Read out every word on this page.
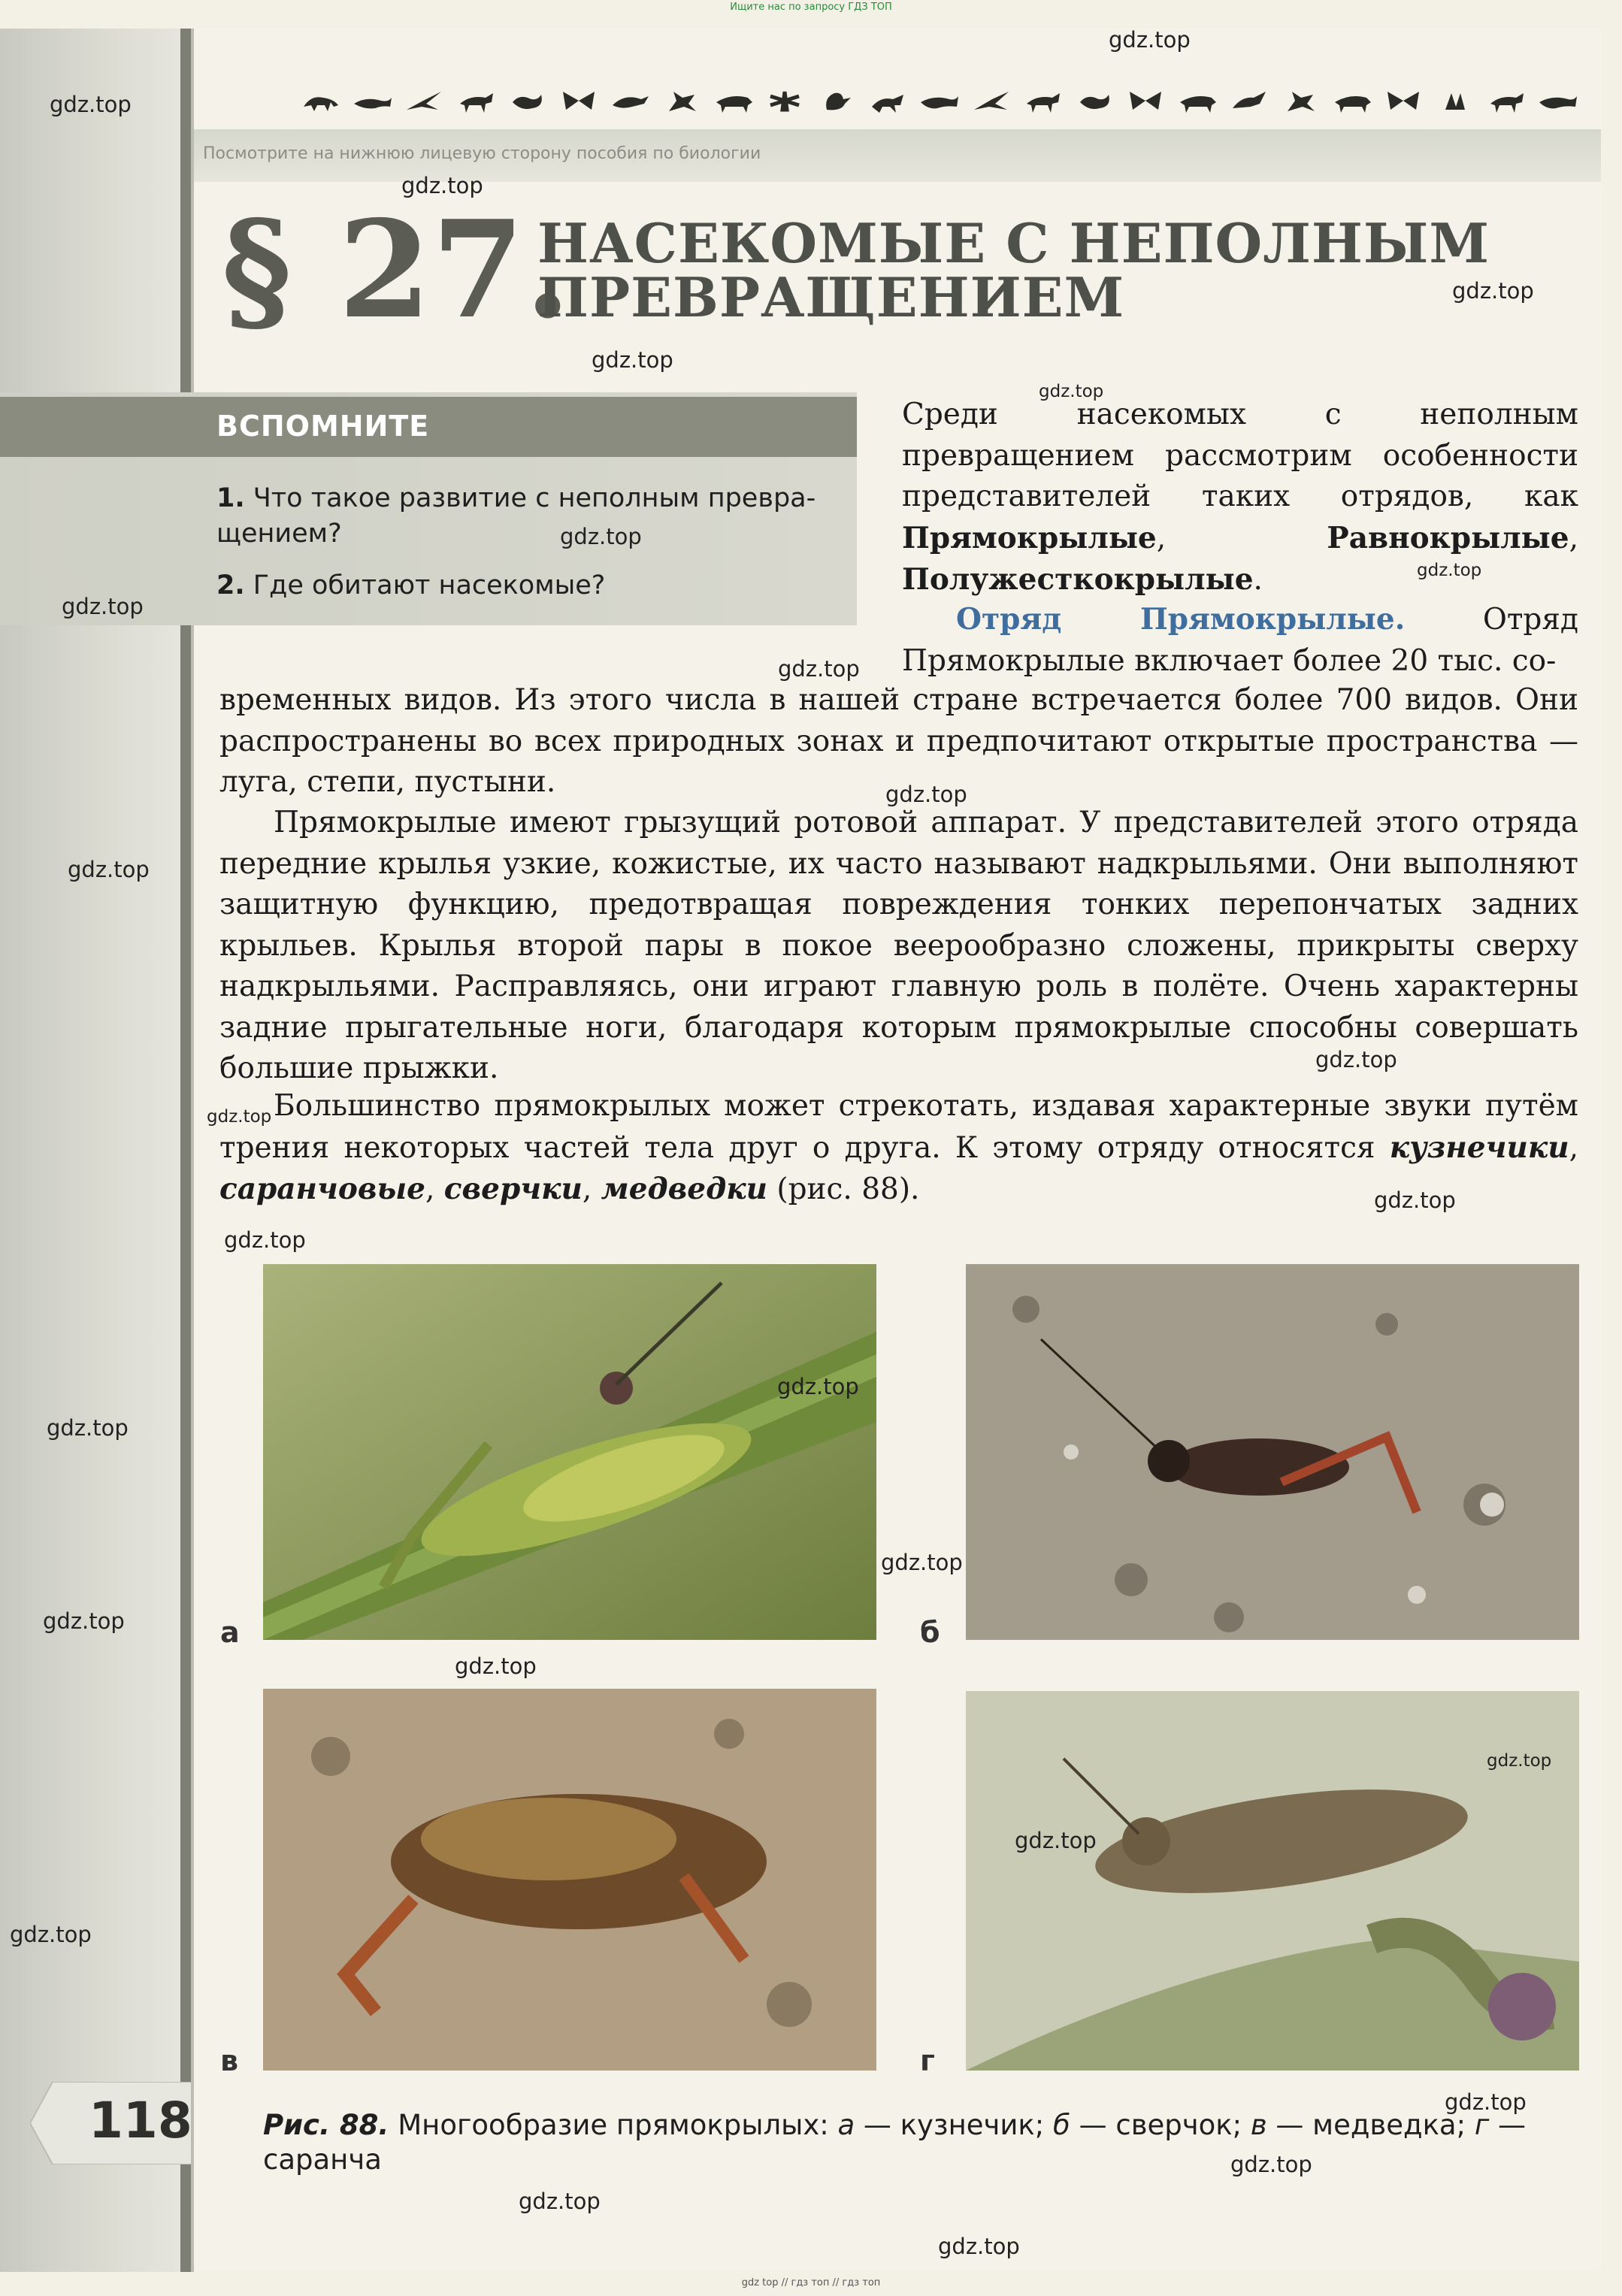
Ищите нас по запросу ГДЗ ТОП
Посмотрите на нижнюю лицевую сторону пособия по биологии
§ 27.
НАСЕКОМЫЕ С НЕПОЛНЫМ
ПРЕВРАЩЕНИЕМ
ВСПОМНИТЕ
1. Что такое развитие с неполным превра-щением?
2. Где обитают насекомые?
Среди насекомых с неполным превращением рассмотрим особенности представителей таких отрядов, как Прямокрылые, Равнокрылые, Полужесткокрылые.
Отряд Прямокрылые. Отряд Прямокрылые включает более 20 тыс. со-
временных видов. Из этого числа в нашей стране встречается более 700 видов. Они распространены во всех природных зонах и предпочитают открытые пространства — луга, степи, пустыни.
Прямокрылые имеют грызущий ротовой аппарат. У представителей этого отряда передние крылья узкие, кожистые, их часто называют надкрыльями. Они выполняют защитную функцию, предотвращая повреждения тонких перепончатых задних крыльев. Крылья второй пары в покое веерообразно сложены, прикрыты сверху надкрыльями. Расправляясь, они играют главную роль в полёте. Очень характерны задние прыгательные ноги, благодаря которым прямокрылые способны совершать большие прыжки.
Большинство прямокрылых может стрекотать, издавая характерные звуки путём трения некоторых частей тела друг о друга. К этому отряду относятся кузнечики, саранчовые, сверчки, медведки (рис. 88).
а	б
в	г
118	Рис. 88. Многообразие прямокрылых: а — кузнечик; б — сверчок; в — медведка; г — саранча
gdz.top
gdz.top
gdz.top
gdz.top
gdz.top
gdz.top
gdz.top
gdz.top
gdz.top
gdz.top
gdz.top
gdz.top
gdz.top
gdz.top
gdz.top
gdz.top
gdz.top
gdz.top
gdz.top
gdz.top
gdz.top
gdz.top
gdz.top
gdz.top
gdz.top
gdz.top
gdz.top
gdz.top
gdz top // гдз топ // гдз топ
